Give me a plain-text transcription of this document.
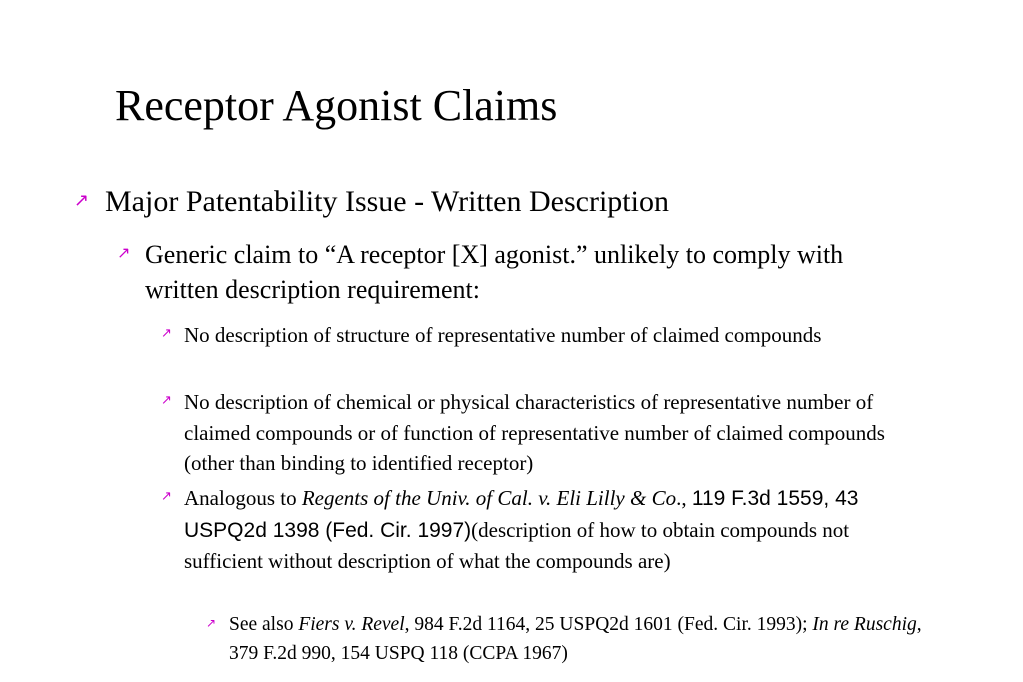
Receptor Agonist Claims
↗ Major Patentability Issue - Written Description
↗ Generic claim to “A receptor [X] agonist.” unlikely to comply with written description requirement:
↗ No description of structure of representative number of claimed compounds
↗ No description of chemical or physical characteristics of representative number of claimed compounds or of function of representative number of claimed compounds (other than binding to identified receptor)
↗ Analogous to Regents of the Univ. of Cal. v. Eli Lilly & Co., 119 F.3d 1559, 43 USPQ2d 1398 (Fed. Cir. 1997)(description of how to obtain compounds not sufficient without description of what the compounds are)
↗ See also Fiers v. Revel, 984 F.2d 1164, 25 USPQ2d 1601 (Fed. Cir. 1993); In re Ruschig, 379 F.2d 990, 154 USPQ 118 (CCPA 1967)
